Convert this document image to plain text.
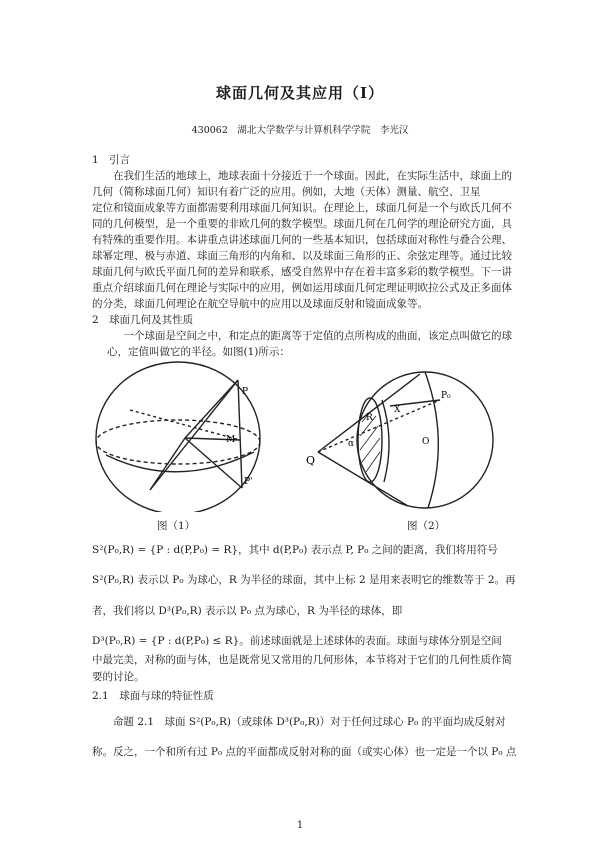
球面几何及其应用（Ⅰ）
430062　湖北大学数学与计算机科学学院　李光汉
1　引言
　　在我们生活的地球上，地球表面十分接近于一个球面。因此，在实际生活中，球面上的
几何（简称球面几何）知识有着广泛的应用。例如，大地（天体）测量、航空、卫星
定位和镜面成象等方面都需要利用球面几何知识。在理论上，球面几何是一个与欧氏几何不
同的几何模型，是一个重要的非欧几何的数学模型。球面几何在几何学的理论研究方面，具
有特殊的重要作用。本讲重点讲述球面几何的一些基本知识，包括球面对称性与叠合公理、
球幂定理、极与赤道、球面三角形的内角和、以及球面三角形的正、余弦定理等。通过比较
球面几何与欧氏平面几何的差异和联系，感受自然界中存在着丰富多彩的数学模型。下一讲
重点介绍球面几何在理论与实际中的应用，例如运用球面几何定理证明欧拉公式及正多面体
的分类，球面几何理论在航空导航中的应用以及球面反射和镜面成象等。
2　球面几何及其性质
　　　一个球面是空间之中，和定点的距离等于定值的点所构成的曲面，该定点叫做它的球
心，定值叫做它的半径。如图(1)所示：
P
M
P'
P₀
X
O
R
Q
α
图（1）	图（2）
S²(P₀,R) = {P : d(P,P₀) = R}，其中 d(P,P₀) 表示点 P, P₀ 之间的距离，我们将用符号
S²(P₀,R) 表示以 P₀ 为球心，R 为半径的球面，其中上标 2 是用来表明它的维数等于 2。再
者，我们将以 D³(P₀,R) 表示以 P₀ 点为球心，R 为半径的球体，即
D³(P₀,R) = {P : d(P,P₀) ≤ R}。前述球面就是上述球体的表面。球面与球体分别是空间
中最完美，对称的面与体，也是既常见又常用的几何形体，本节将对于它们的几何性质作简
要的讨论。
2.1　球面与球的特征性质
　　命题 2.1　球面 S²(P₀,R)（或球体 D³(P₀,R)）对于任何过球心 P₀ 的平面均成反射对
称。反之，一个和所有过 P₀ 点的平面都成反射对称的面（或实心体）也一定是一个以 P₀ 点
1
